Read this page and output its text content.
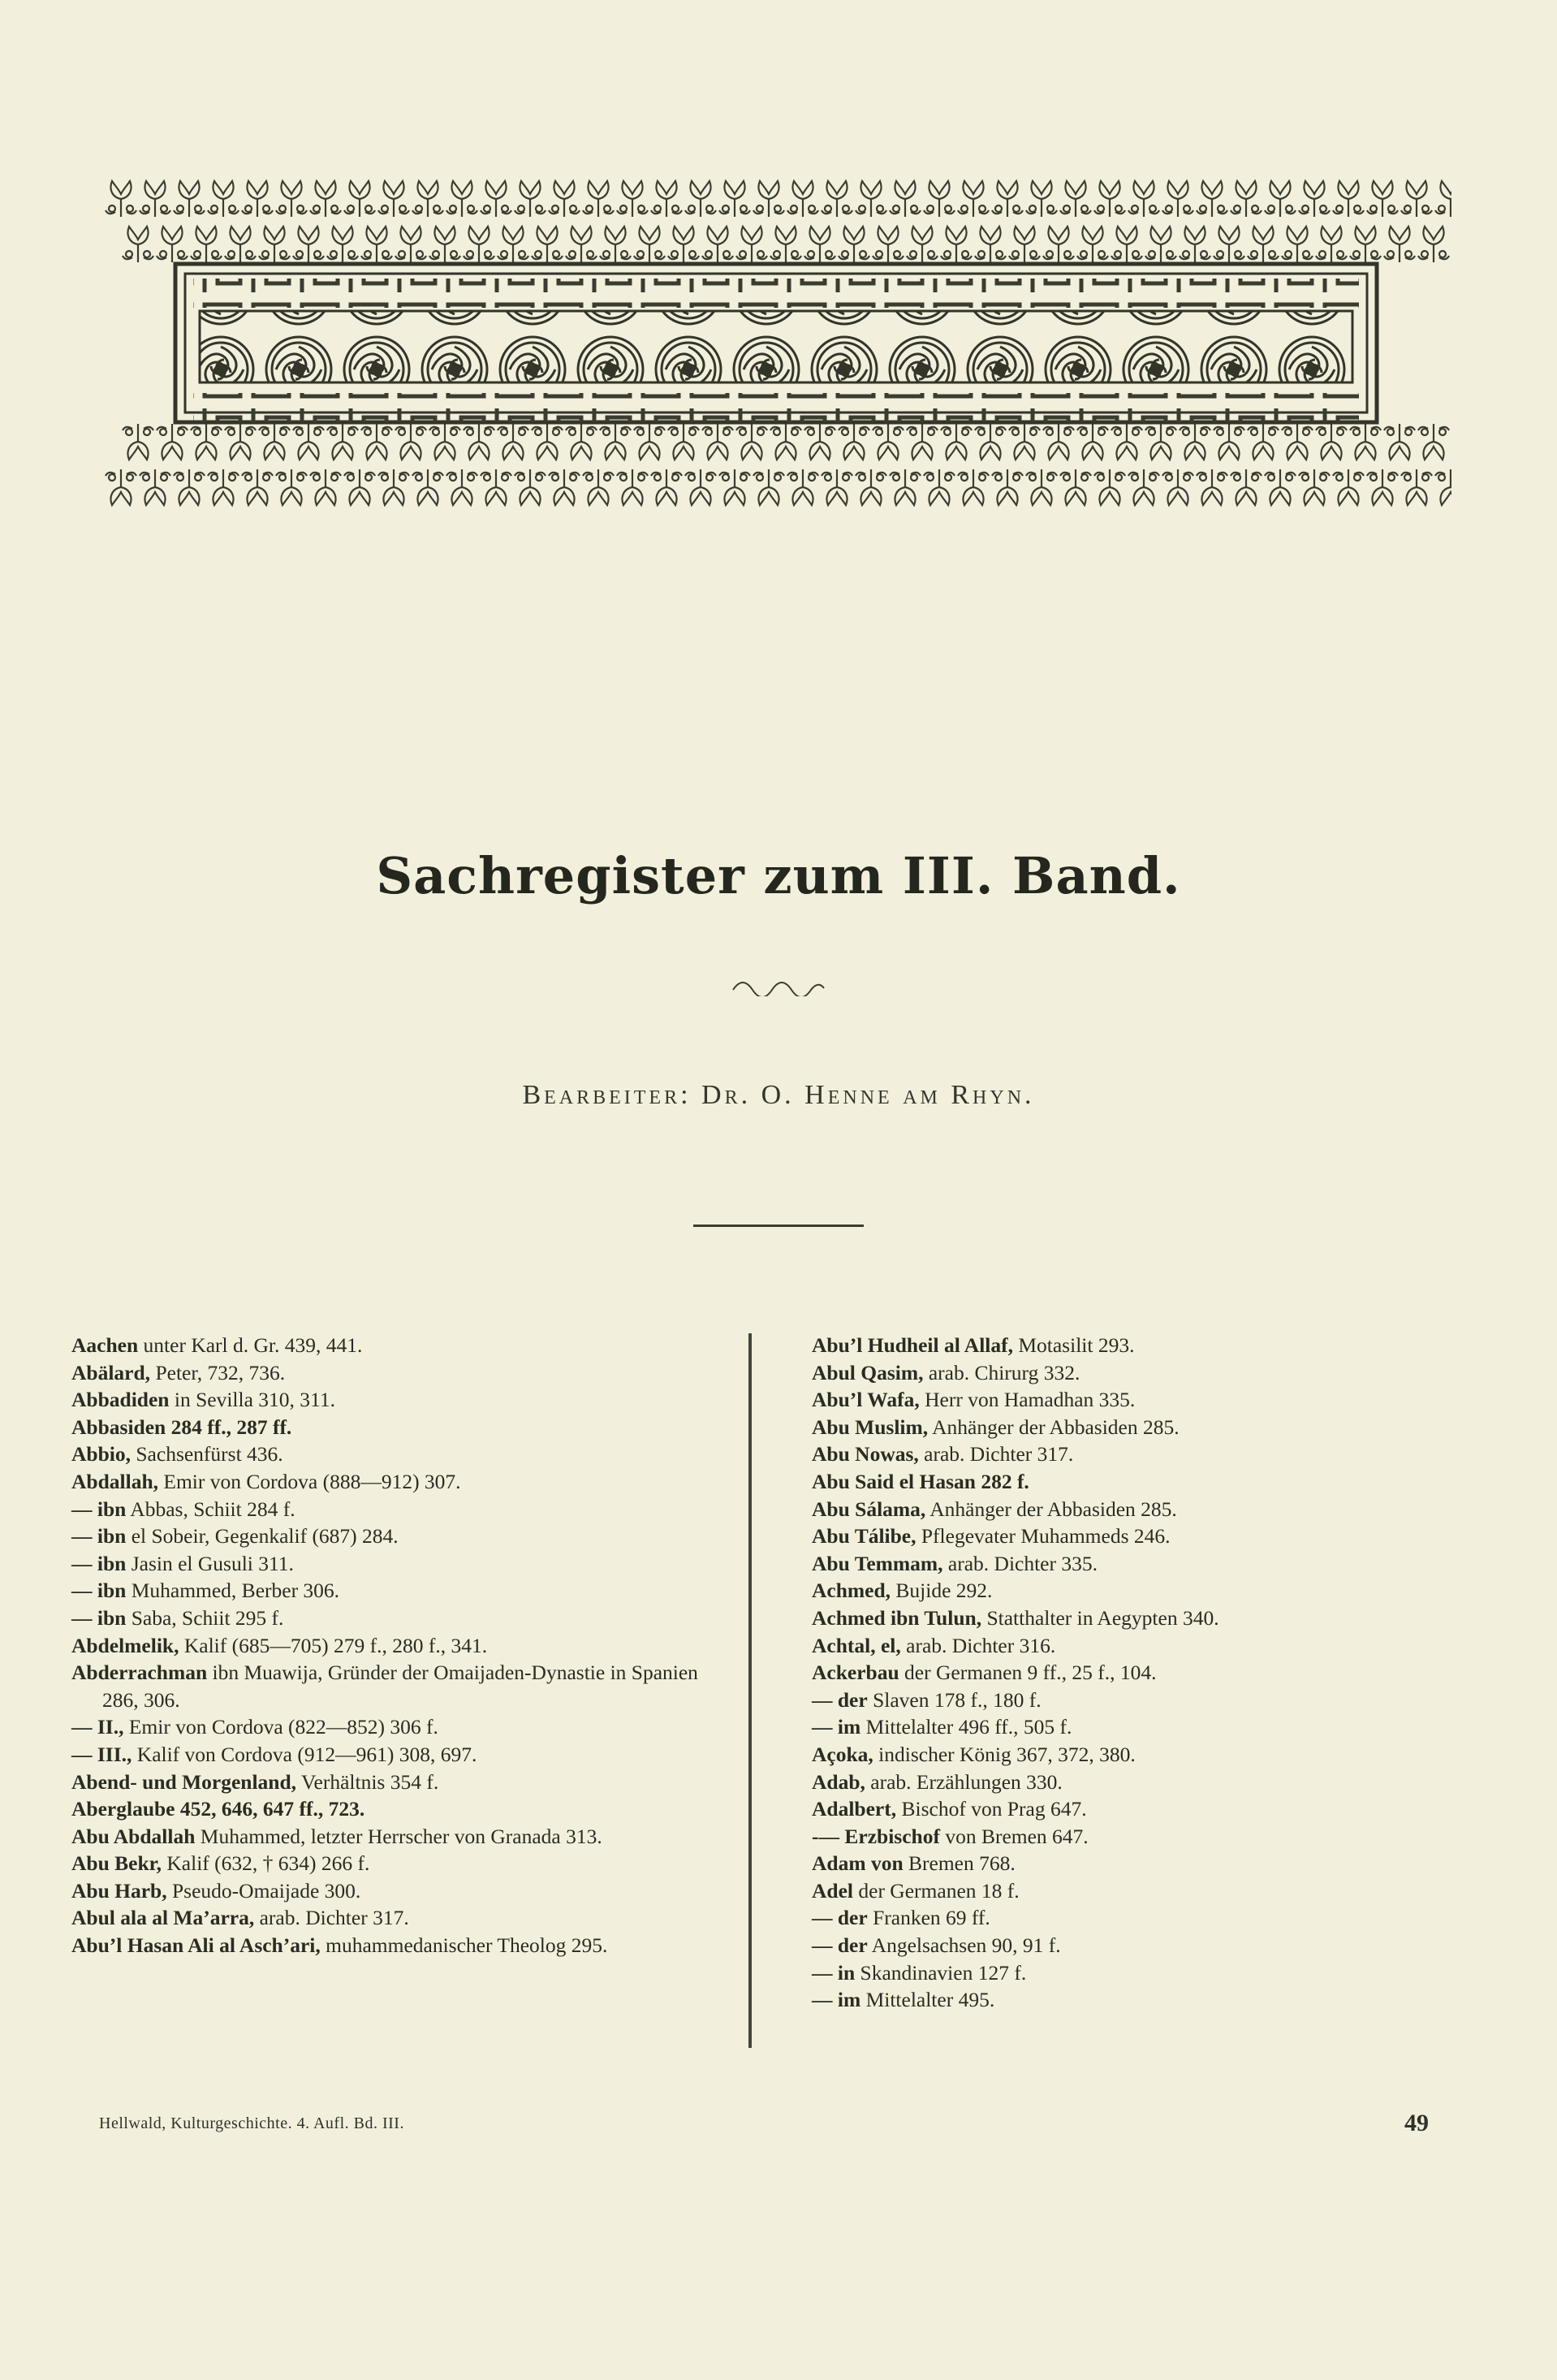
Sachregister zum III. Band.
Bearbeiter: Dr. O. Henne am Rhyn.

Aachen unter Karl d. Gr. 439, 441.

Abälard, Peter, 732, 736.

Abbadiden in Sevilla 310, 311.

Abbasiden 284 ff., 287 ff.

Abbio, Sachsenfürst 436.

Abdallah, Emir von Cordova (888—912) 307.

— ibn Abbas, Schiit 284 f.

— ibn el Sobeir, Gegenkalif (687) 284.

— ibn Jasin el Gusuli 311.

— ibn Muhammed, Berber 306.

— ibn Saba, Schiit 295 f.

Abdelmelik, Kalif (685—705) 279 f., 280 f., 341.

Abderrachman ibn Muawija, Gründer der Omaijaden-Dynastie in Spanien 286, 306.

— II., Emir von Cordova (822—852) 306 f.

— III., Kalif von Cordova (912—961) 308, 697.

Abend- und Morgenland, Verhältnis 354 f.

Aberglaube 452, 646, 647 ff., 723.

Abu Abdallah Muhammed, letzter Herrscher von Granada 313.

Abu Bekr, Kalif (632, † 634) 266 f.

Abu Harb, Pseudo-Omaijade 300.

Abul ala al Ma’arra, arab. Dichter 317.

Abu’l Hasan Ali al Asch’ari, muhammedanischer Theolog 295.

Abu’l Hudheil al Allaf, Motasilit 293.

Abul Qasim, arab. Chirurg 332.

Abu’l Wafa, Herr von Hamadhan 335.

Abu Muslim, Anhänger der Abbasiden 285.

Abu Nowas, arab. Dichter 317.

Abu Said el Hasan 282 f.

Abu Sálama, Anhänger der Abbasiden 285.

Abu Tálibe, Pflegevater Muhammeds 246.

Abu Temmam, arab. Dichter 335.

Achmed, Bujide 292.

Achmed ibn Tulun, Statthalter in Aegypten 340.

Achtal, el, arab. Dichter 316.

Ackerbau der Germanen 9 ff., 25 f., 104.

— der Slaven 178 f., 180 f.

— im Mittelalter 496 ff., 505 f.

Açoka, indischer König 367, 372, 380.

Adab, arab. Erzählungen 330.

Adalbert, Bischof von Prag 647.

-— Erzbischof von Bremen 647.

Adam von Bremen 768.

Adel der Germanen 18 f.

— der Franken 69 ff.

— der Angelsachsen 90, 91 f.

— in Skandinavien 127 f.

— im Mittelalter 495.

Hellwald, Kulturgeschichte. 4. Aufl. Bd. III.	49
